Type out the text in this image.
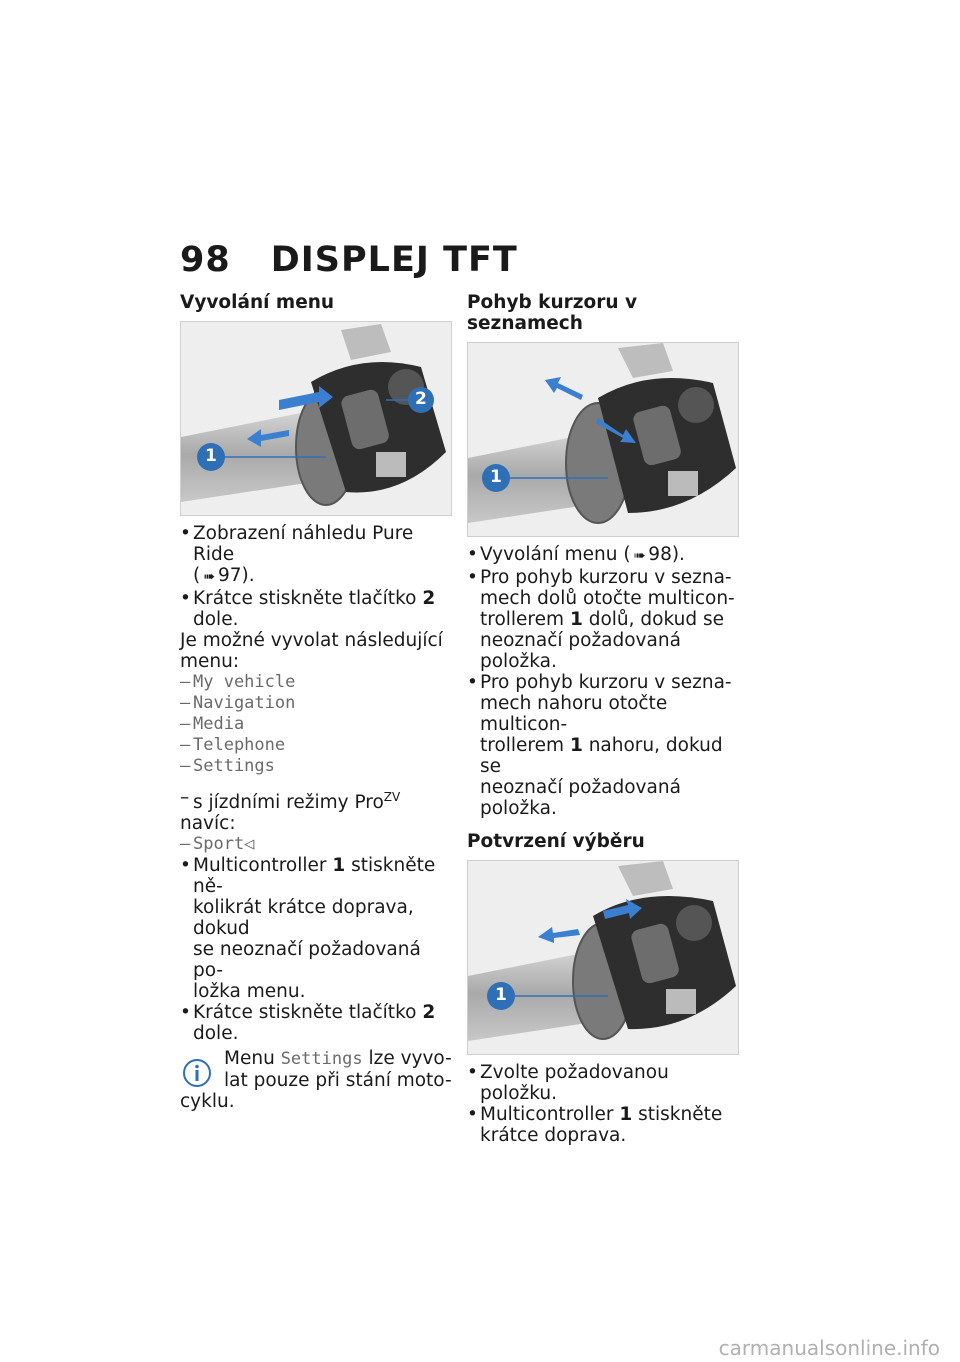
98 DISPLEJ TFT
Vyvolání menu
1
2
• Zobrazení náhledu Pure Ride
( ➠ 97).
• Krátce stiskněte tlačítko 2
dole.
Je možné vyvolat následující
menu:
– My vehicle
– Navigation
– Media
– Telephone
– Settings
– s jízdními režimy Pro$^{ZV}$
navíc:
– Sport◁
• Multicontroller 1 stiskněte ně-
kolikrát krátce doprava, dokud
se neoznačí požadovaná po-
ložka menu.
• Krátce stiskněte tlačítko 2
dole.
Menu Settings lze vyvo-
lat pouze při stání moto-
cyklu.
Pohyb kurzoru v seznamech
1
• Vyvolání menu ( ➠ 98).
• Pro pohyb kurzoru v sezna-
mech dolů otočte multicon-
trollerem 1 dolů, dokud se
neoznačí požadovaná položka.
• Pro pohyb kurzoru v sezna-
mech nahoru otočte multicon-
trollerem 1 nahoru, dokud se
neoznačí požadovaná položka.
Potvrzení výběru
1
• Zvolte požadovanou položku.
• Multicontroller 1 stiskněte
krátce doprava.
carmanualsonline.info
